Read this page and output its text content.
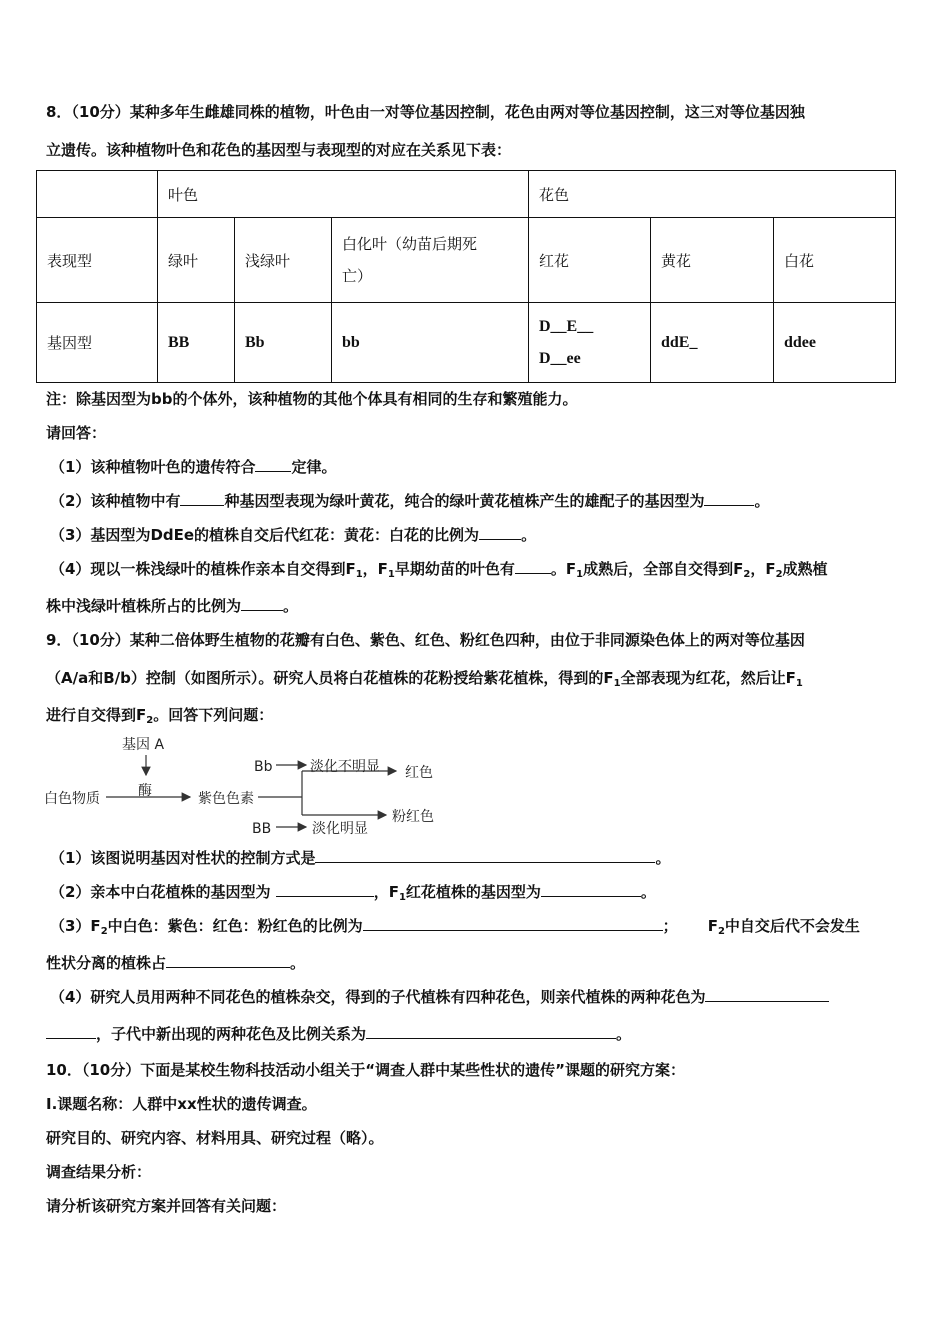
8．（10分）某种多年生雌雄同株的植物，叶色由一对等位基因控制，花色由两对等位基因控制，这三对等位基因独
立遗传。该种植物叶色和花色的基因型与表现型的对应在关系见下表：
	叶色			花色		
表现型	绿叶	浅绿叶	白化叶（幼苗后期死
亡）	红花	黄花	白花
基因型	BB	Bb	bb	D__E__
D__ee	ddE_	ddee
注：除基因型为bb的个体外，该种植物的其他个体具有相同的生存和繁殖能力。
请回答：
（1）该种植物叶色的遗传符合 定律。
（2）该种植物中有	种基因型表现为绿叶黄花，纯合的绿叶黄花植株产生的雄配子的基因型为	。
（3）基因型为DdEe的植株自交后代红花：黄花：白花的比例为	。
（4）现以一株浅绿叶的植株作亲本自交得到$F_1$，$F_1$早期幼苗的叶色有 。$F_1$成熟后，全部自交得到$F_2$，$F_2$成熟植
株中浅绿叶植株所占的比例为	。
9．（10分）某种二倍体野生植物的花瓣有白色、紫色、红色、粉红色四种，由位于非同源染色体上的两对等位基因
（A/a和B/b）控制（如图所示）。研究人员将白花植株的花粉授给紫花植株，得到的$F_1$全部表现为红花，然后让$F_1$
进行自交得到$F_2$。回答下列问题：
基因 A
酶
白色物质	紫色色素
Bb	淡化不明显 红色
BB	淡化明显
粉红色
（1）该图说明基因对性状的控制方式是	。
（2）亲本中白花植株的基因型为	，$F_1$红花植株的基因型为	。
$(3)F_2$中白色：紫色：红色：粉红色的比例为	； $F_2$中自交后代不会发生
性状分离的植株占	。
（4）研究人员用两种不同花色的植株杂交，得到的子代植株有四种花色，则亲代植株的两种花色为
，子代中新出现的两种花色及比例关系为	。
10．（10分）下面是某校生物科技活动小组关于“调查人群中某些性状的遗传”课题的研究方案：
I.课题名称：人群中xx性状的遗传调查。
研究目的、研究内容、材料用具、研究过程（略）。
调查结果分析：
请分析该研究方案并回答有关问题：
